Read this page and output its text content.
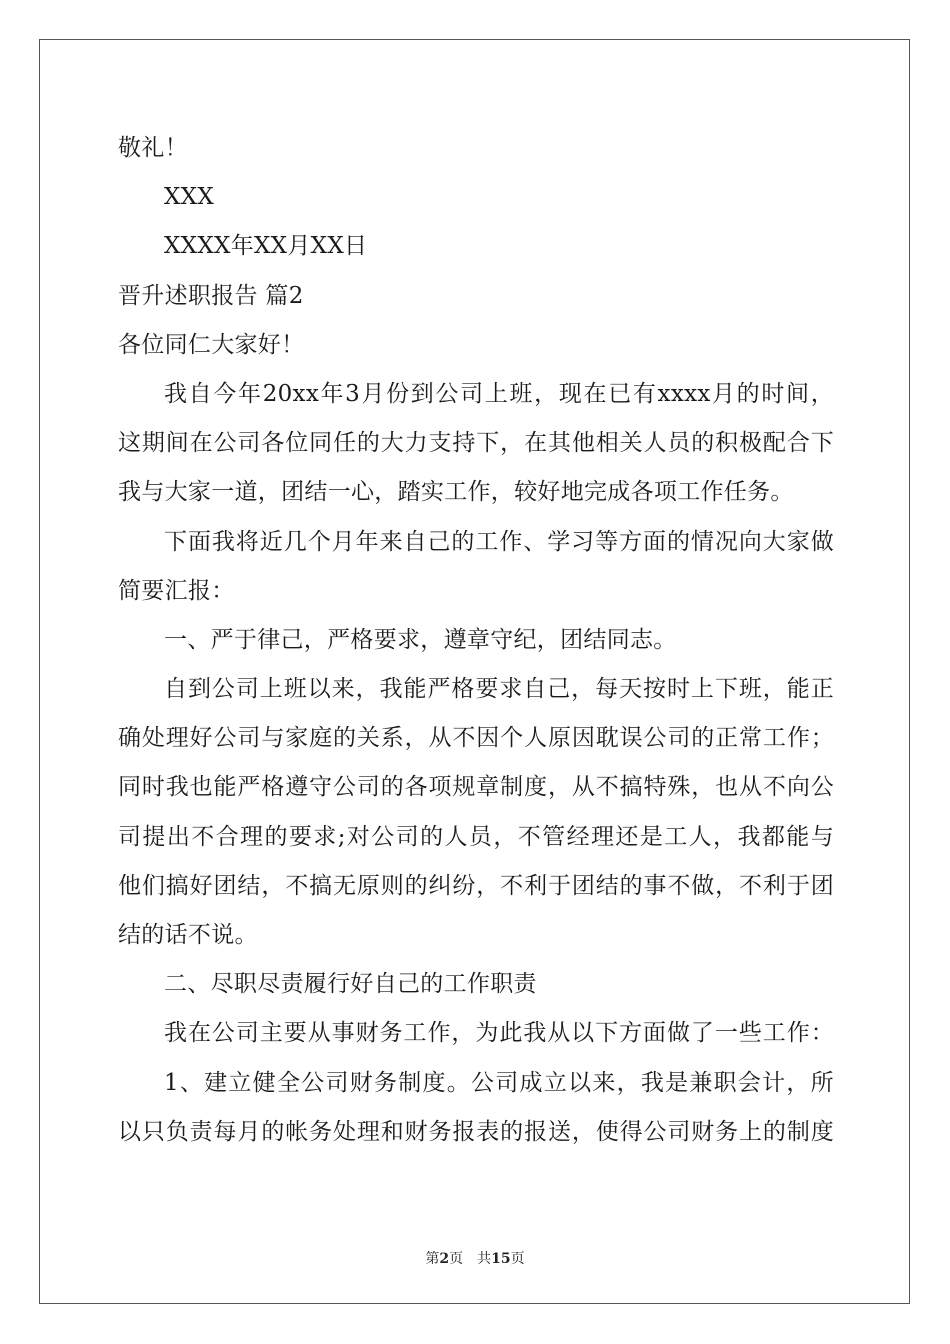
敬礼！
XXX
XXXX年XX月XX日
晋升述职报告 篇2
各位同仁大家好！
我自今年20xx年3月份到公司上班，现在已有xxxx月的时间，
这期间在公司各位同任的大力支持下，在其他相关人员的积极配合下
我与大家一道，团结一心，踏实工作，较好地完成各项工作任务。
下面我将近几个月年来自己的工作、学习等方面的情况向大家做
简要汇报：
一、严于律己，严格要求，遵章守纪，团结同志。
自到公司上班以来，我能严格要求自己，每天按时上下班，能正
确处理好公司与家庭的关系，从不因个人原因耽误公司的正常工作；
同时我也能严格遵守公司的各项规章制度，从不搞特殊，也从不向公
司提出不合理的要求;对公司的人员，不管经理还是工人，我都能与
他们搞好团结，不搞无原则的纠纷，不利于团结的事不做，不利于团
结的话不说。
二、尽职尽责履行好自己的工作职责
我在公司主要从事财务工作，为此我从以下方面做了一些工作：
1、建立健全公司财务制度。公司成立以来，我是兼职会计，所
以只负责每月的帐务处理和财务报表的报送，使得公司财务上的制度
第2页 共15页
